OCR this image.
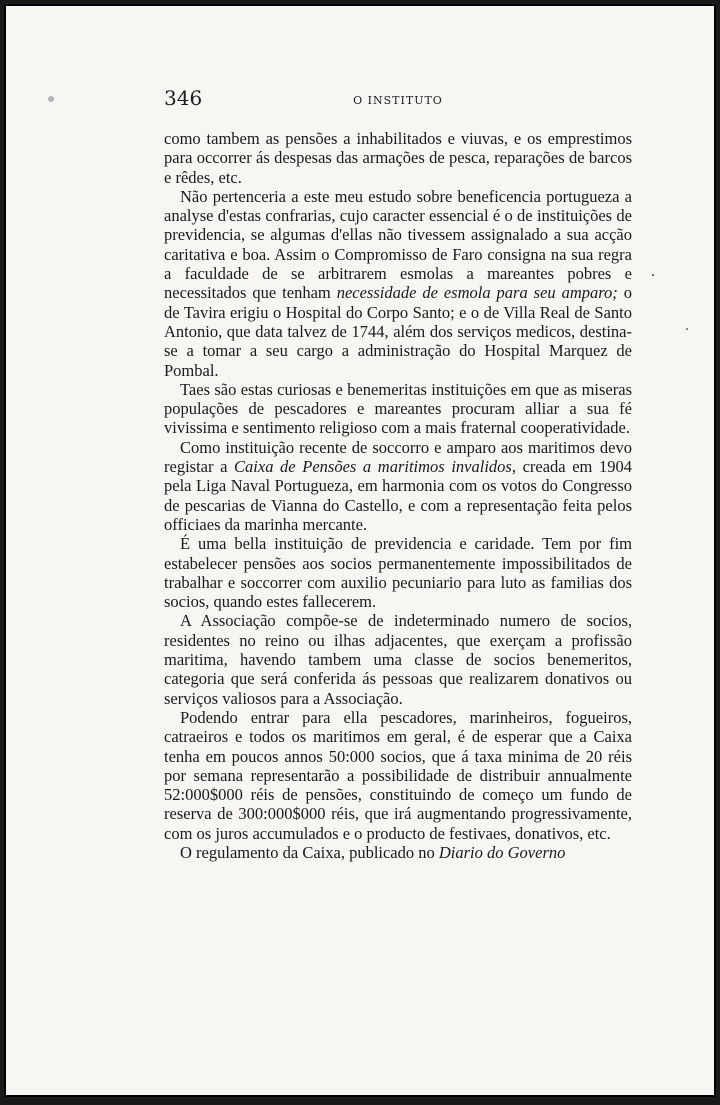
346	O INSTITUTO

como tambem as pensões a inhabilitados e viuvas, e os emprestimos para occorrer ás despesas das armações de pesca, reparações de barcos e rêdes, etc.

Não pertenceria a este meu estudo sobre beneficencia portugueza a analyse d'estas confrarias, cujo caracter essencial é o de instituições de previdencia, se algumas d'ellas não tivessem assignalado a sua acção caritativa e boa. Assim o Compromisso de Faro consigna na sua regra a faculdade de se arbitrarem esmolas a mareantes pobres e necessitados que tenham necessidade de esmola para seu amparo; o de Tavira erigiu o Hospital do Corpo Santo; e o de Villa Real de Santo Antonio, que data talvez de 1744, além dos serviços medicos, destina-se a tomar a seu cargo a administração do Hospital Marquez de Pombal.

Taes são estas curiosas e benemeritas instituições em que as miseras populações de pescadores e mareantes procuram alliar a sua fé vivissima e sentimento religioso com a mais fraternal cooperatividade.

Como instituição recente de soccorro e amparo aos maritimos devo registar a Caixa de Pensões a maritimos invalidos, creada em 1904 pela Liga Naval Portugueza, em harmonia com os votos do Congresso de pescarias de Vianna do Castello, e com a representação feita pelos officiaes da marinha mercante.

É uma bella instituição de previdencia e caridade. Tem por fim estabelecer pensões aos socios permanentemente impossibilitados de trabalhar e soccorrer com auxilio pecuniario para luto as familias dos socios, quando estes fallecerem.

A Associação compõe-se de indeterminado numero de socios, residentes no reino ou ilhas adjacentes, que exerçam a profissão maritima, havendo tambem uma classe de socios benemeritos, categoria que será conferida ás pessoas que realizarem donativos ou serviços valiosos para a Associação.

Podendo entrar para ella pescadores, marinheiros, fogueiros, catraeiros e todos os maritimos em geral, é de esperar que a Caixa tenha em poucos annos 50:000 socios, que á taxa minima de 20 réis por semana representarão a possibilidade de distribuir annualmente 52:000$000 réis de pensões, constituindo de começo um fundo de reserva de 300:000$000 réis, que irá augmentando progressivamente, com os juros accumulados e o producto de festivaes, donativos, etc.

O regulamento da Caixa, publicado no Diario do Governo
